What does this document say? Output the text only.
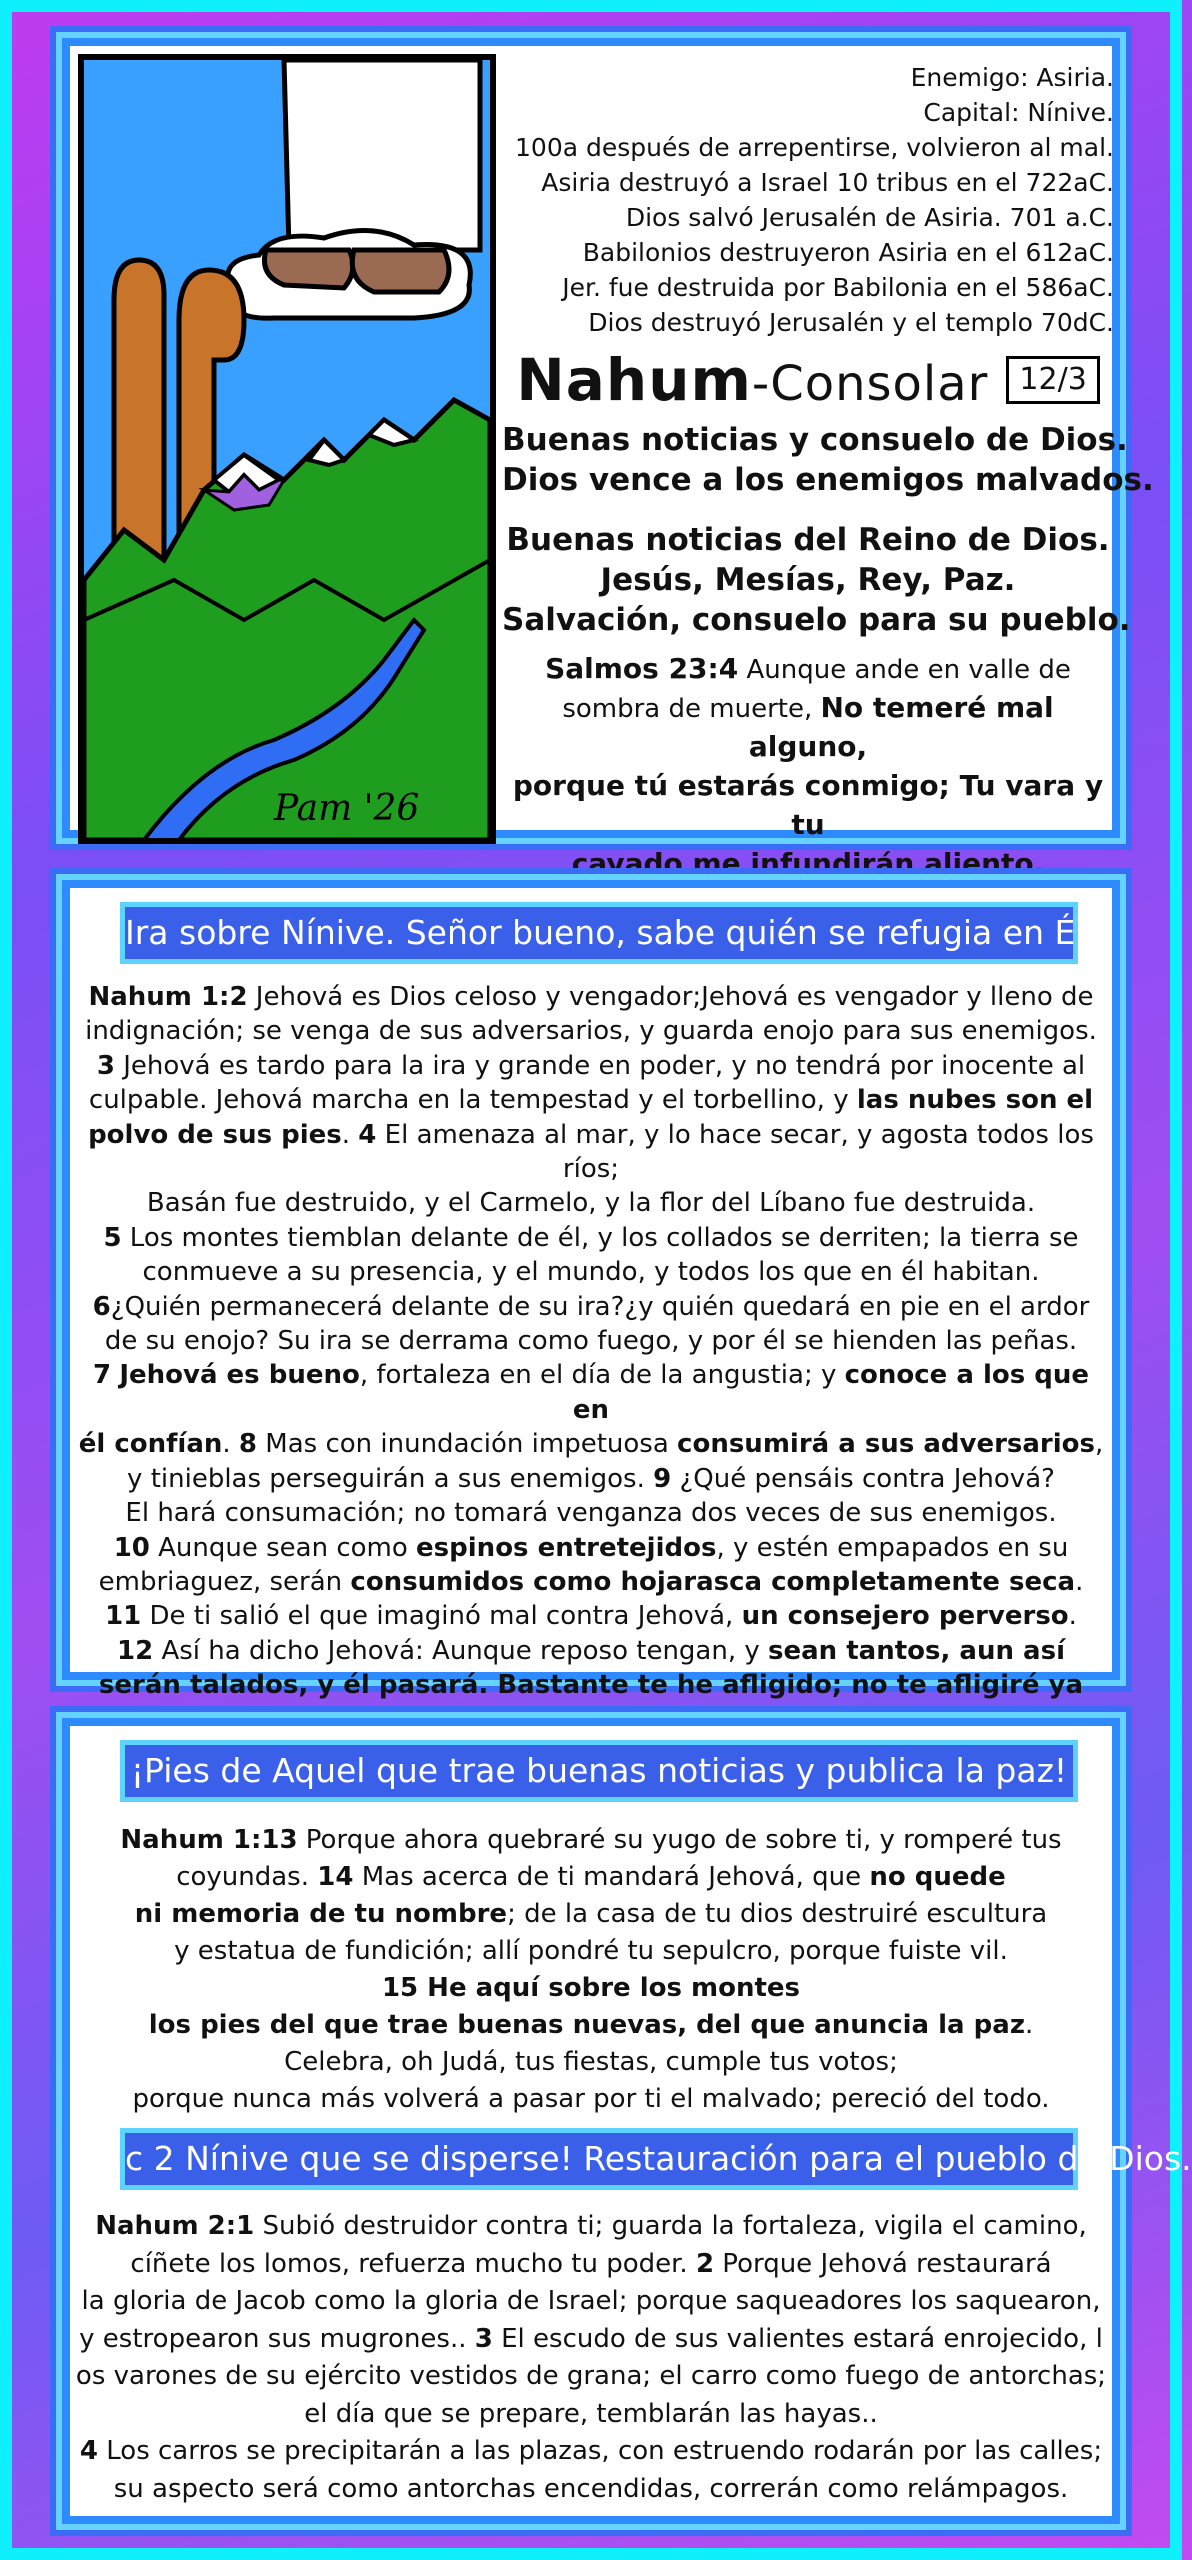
Pam '26
Enemigo: Asiria.
Capital: Nínive.
100a después de arrepentirse, volvieron al mal.
Asiria destruyó a Israel 10 tribus en el 722aC.
Dios salvó Jerusalén de Asiria. 701 a.C.
Babilonios destruyeron Asiria en el 612aC.
Jer. fue destruida por Babilonia en el 586aC.
Dios destruyó Jerusalén y el templo 70dC.
Nahum-Consolar	12/3
Buenas noticias y consuelo de Dios.
Dios vence a los enemigos malvados.
Buenas noticias del Reino de Dios.
Jesús, Mesías, Rey, Paz.
Salvación, consuelo para su pueblo.
Salmos 23:4 Aunque ande en valle de
sombra de muerte, No temeré mal alguno,
porque tú estarás conmigo; Tu vara y tu
cayado me infundirán aliento.
Ira sobre Nínive. Señor bueno, sabe quién se refugia en Él.

Nahum 1:2 Jehová es Dios celoso y vengador;Jehová es vengador y lleno de

indignación; se venga de sus adversarios, y guarda enojo para sus enemigos.

3 Jehová es tardo para la ira y grande en poder, y no tendrá por inocente al

culpable. Jehová marcha en la tempestad y el torbellino, y las nubes son el

polvo de sus pies. 4 El amenaza al mar, y lo hace secar, y agosta todos los ríos;

Basán fue destruido, y el Carmelo, y la flor del Líbano fue destruida.

5 Los montes tiemblan delante de él, y los collados se derriten; la tierra se

conmueve a su presencia, y el mundo, y todos los que en él habitan.

6¿Quién permanecerá delante de su ira?¿y quién quedará en pie en el ardor

de su enojo? Su ira se derrama como fuego, y por él se hienden las peñas.

7 Jehová es bueno, fortaleza en el día de la angustia; y conoce a los que en

él confían. 8 Mas con inundación impetuosa consumirá a sus adversarios,

y tinieblas perseguirán a sus enemigos. 9 ¿Qué pensáis contra Jehová?

El hará consumación; no tomará venganza dos veces de sus enemigos.

10 Aunque sean como espinos entretejidos, y estén empapados en su

embriaguez, serán consumidos como hojarasca completamente seca.

11 De ti salió el que imaginó mal contra Jehová, un consejero perverso.

12 Así ha dicho Jehová: Aunque reposo tengan, y sean tantos, aun así

serán talados, y él pasará. Bastante te he afligido; no te afligiré ya

¡Pies de Aquel que trae buenas noticias y publica la paz!

Nahum 1:13 Porque ahora quebraré su yugo de sobre ti, y romperé tus

coyundas. 14 Mas acerca de ti mandará Jehová, que no quede

ni memoria de tu nombre; de la casa de tu dios destruiré escultura

y estatua de fundición; allí pondré tu sepulcro, porque fuiste vil.

15 He aquí sobre los montes

los pies del que trae buenas nuevas, del que anuncia la paz.

Celebra, oh Judá, tus fiestas, cumple tus votos;

porque nunca más volverá a pasar por ti el malvado; pereció del todo.

c 2 Nínive que se disperse! Restauración para el pueblo de Dios.

Nahum 2:1 Subió destruidor contra ti; guarda la fortaleza, vigila el camino,

cíñete los lomos, refuerza mucho tu poder. 2 Porque Jehová restaurará

la gloria de Jacob como la gloria de Israel; porque saqueadores los saquearon,

y estropearon sus mugrones.. 3 El escudo de sus valientes estará enrojecido, l

os varones de su ejército vestidos de grana; el carro como fuego de antorchas;

el día que se prepare, temblarán las hayas..

4 Los carros se precipitarán a las plazas, con estruendo rodarán por las calles;

su aspecto será como antorchas encendidas, correrán como relámpagos.
